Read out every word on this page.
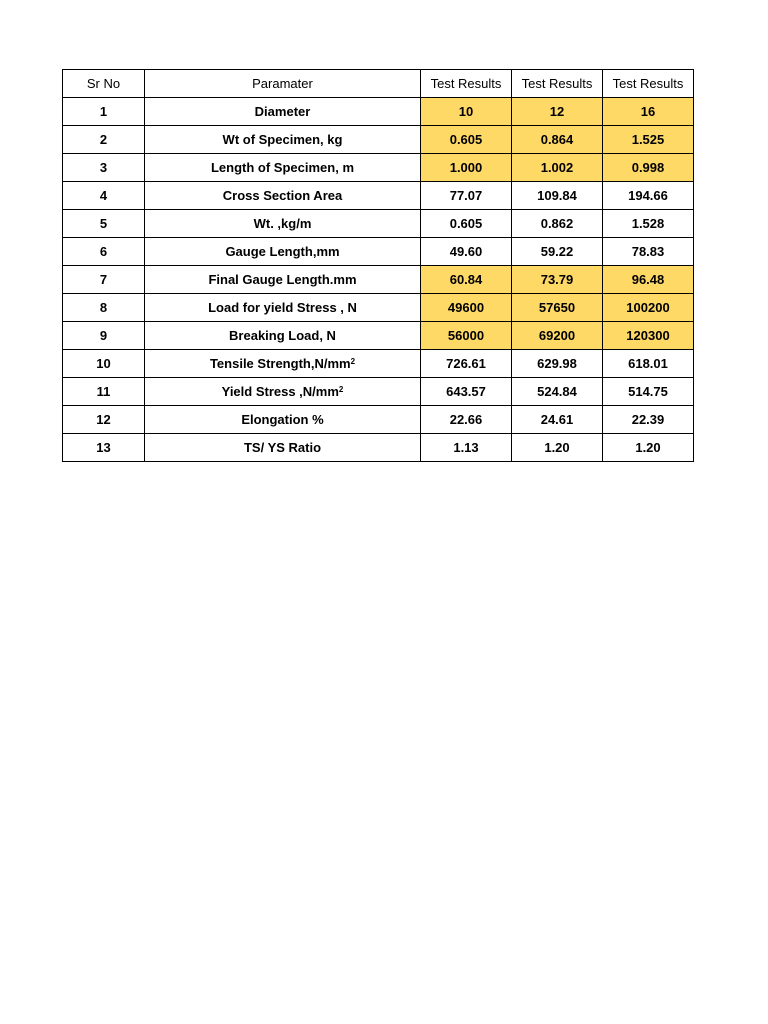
Sr No	Paramater	Test Results	Test Results	Test Results
1	Diameter	10	12	16
2	Wt of Specimen, kg	0.605	0.864	1.525
3	Length of Specimen, m	1.000	1.002	0.998
4	Cross Section Area	77.07	109.84	194.66
5	Wt. ,kg/m	0.605	0.862	1.528
6	Gauge Length,mm	49.60	59.22	78.83
7	Final Gauge Length.mm	60.84	73.79	96.48
8	Load for yield Stress , N	49600	57650	100200
9	Breaking Load, N	56000	69200	120300
10	Tensile $Strength,N/mm^2$	726.61	629.98	618.01
11	Yield Stress $,N/mm^2$	643.57	524.84	514.75
12	Elongation %	22.66	24.61	22.39
13	TS/ YS Ratio	1.13	1.20	1.20
